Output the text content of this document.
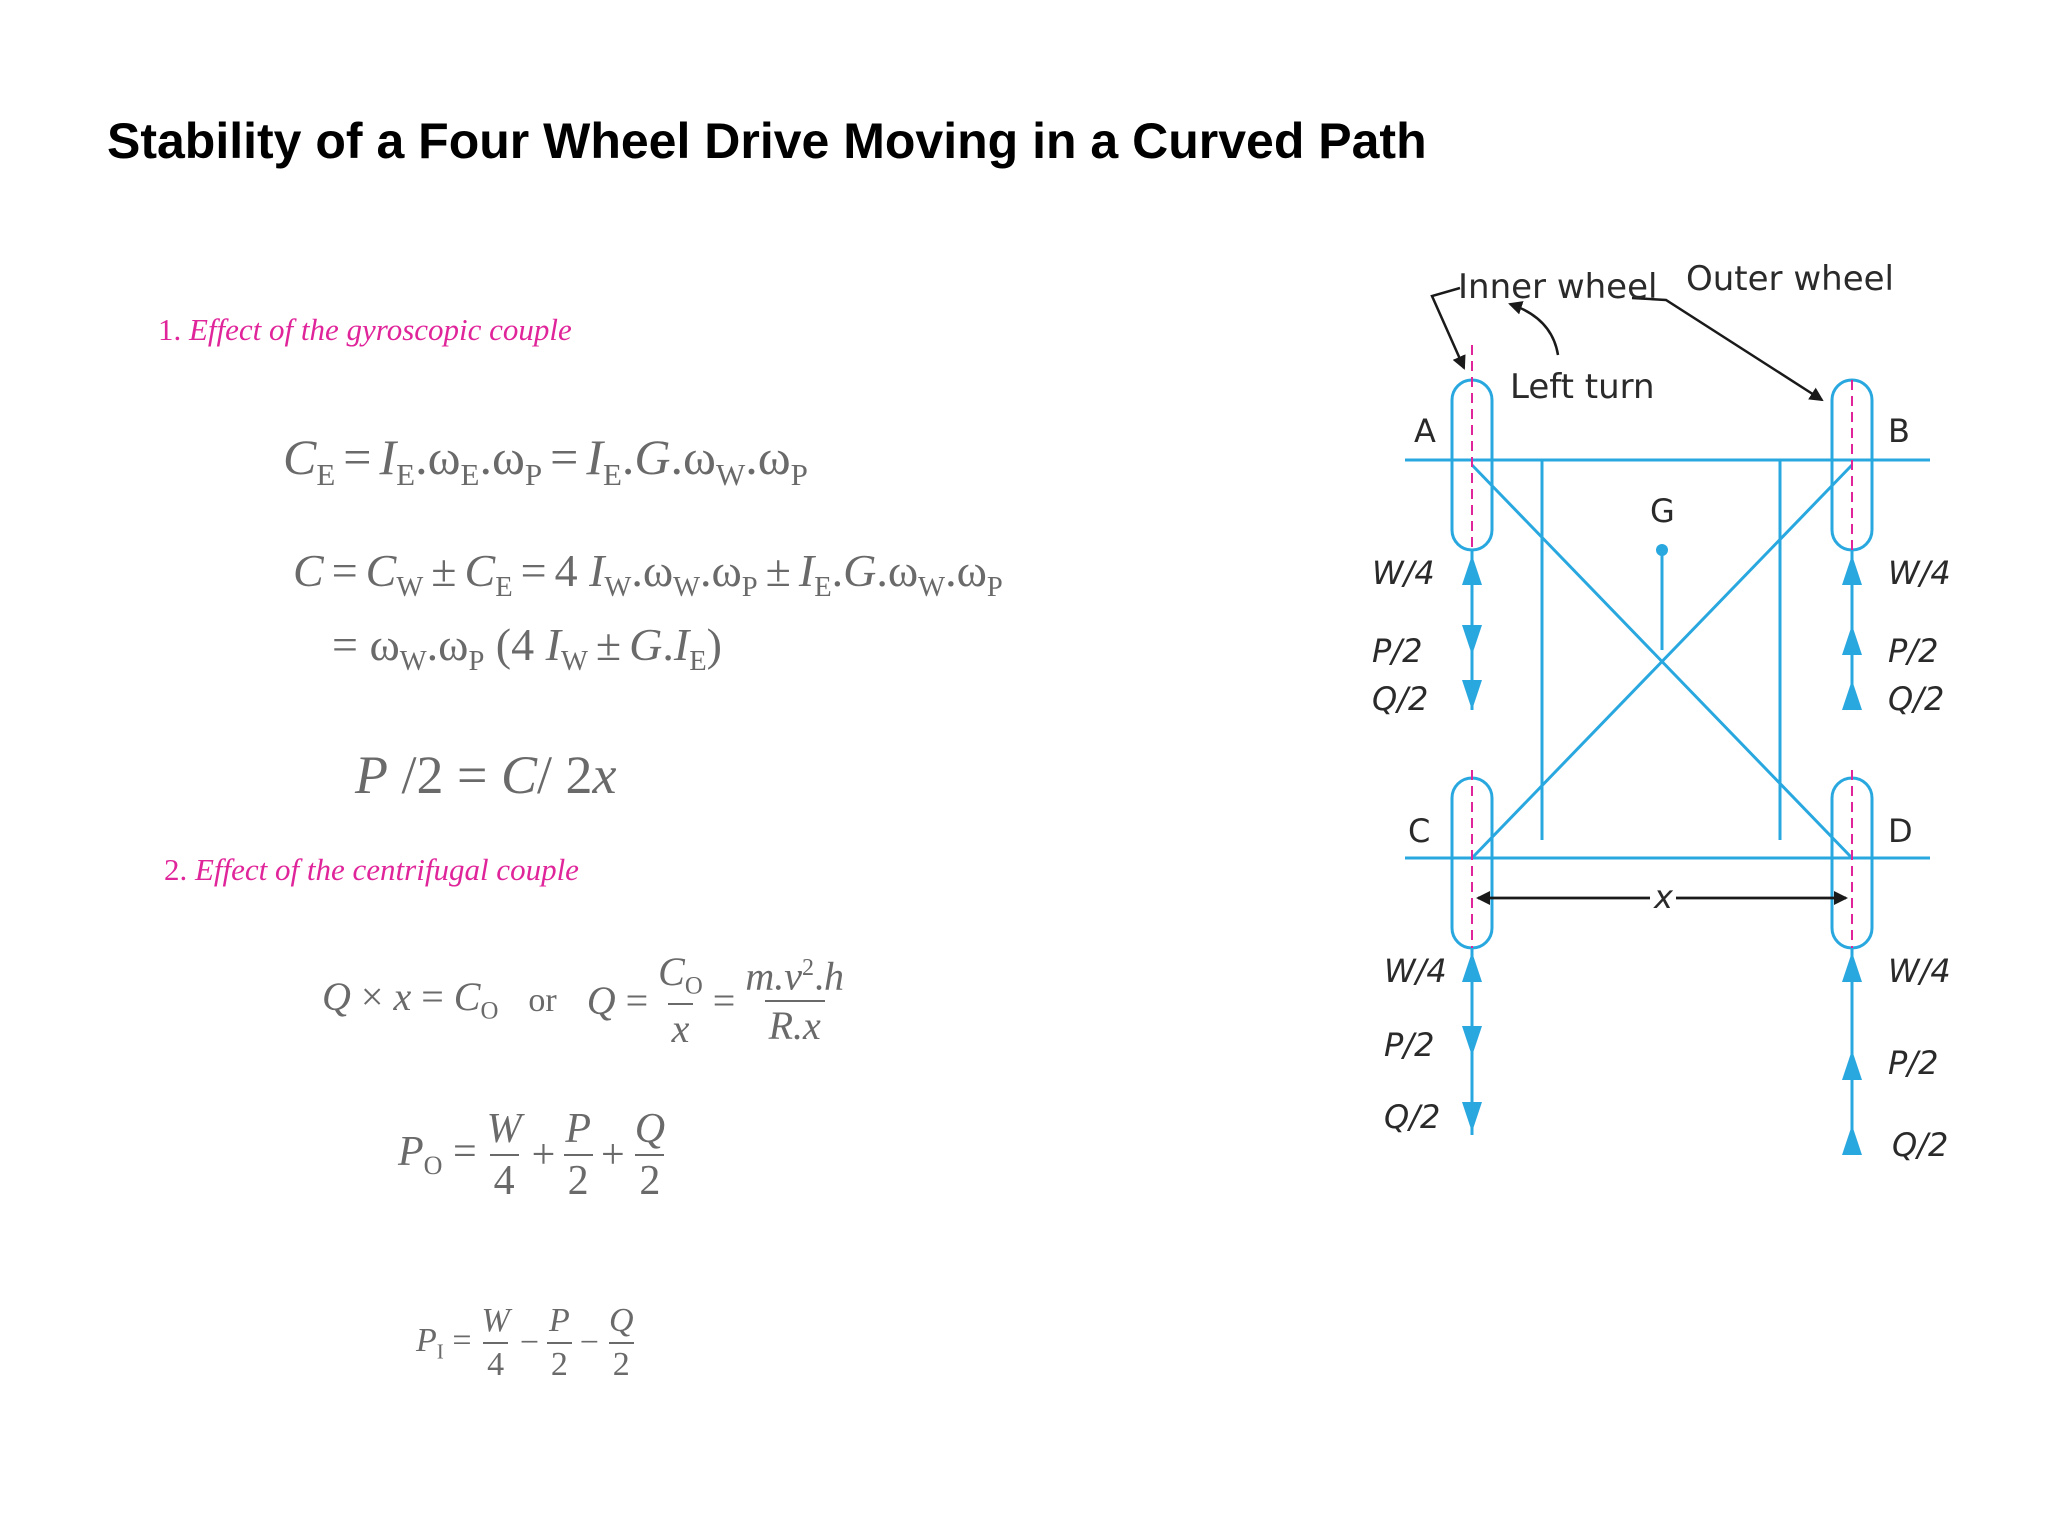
Stability of a Four Wheel Drive Moving in a Curved Path
1. Effect of the gyroscopic couple
2. Effect of the centrifugal couple
$C_E = I_E.\omega_E.\omega_P = I_E.G.\omega_W.\omega_P$
$C = C_W \pm C_E = 4$ $I_W.\omega_W.\omega_P \pm I_E.G.\omega_W.\omega_P$
= $\omega_W.\omega_P$ (4 $I_W \pm G.I_E$)
P /2 = C/ 2x
$Q \times x = C_O$ or $Q = \frac{C_O}{x} = \frac{m.v^2.h}{R.x}$
$P_O = \frac{W}{4} + \frac{P}{2} + \frac{Q}{2}$
$P_I = \frac{W}{4} - \frac{P}{2} - \frac{Q}{2}$
Inner wheel Outer wheel
Left turn
A	B
G
C	D
x
W/4
P/2
Q/2
W/4
P/2
Q/2
W/4
P/2
Q/2
W/4
P/2
Q/2
